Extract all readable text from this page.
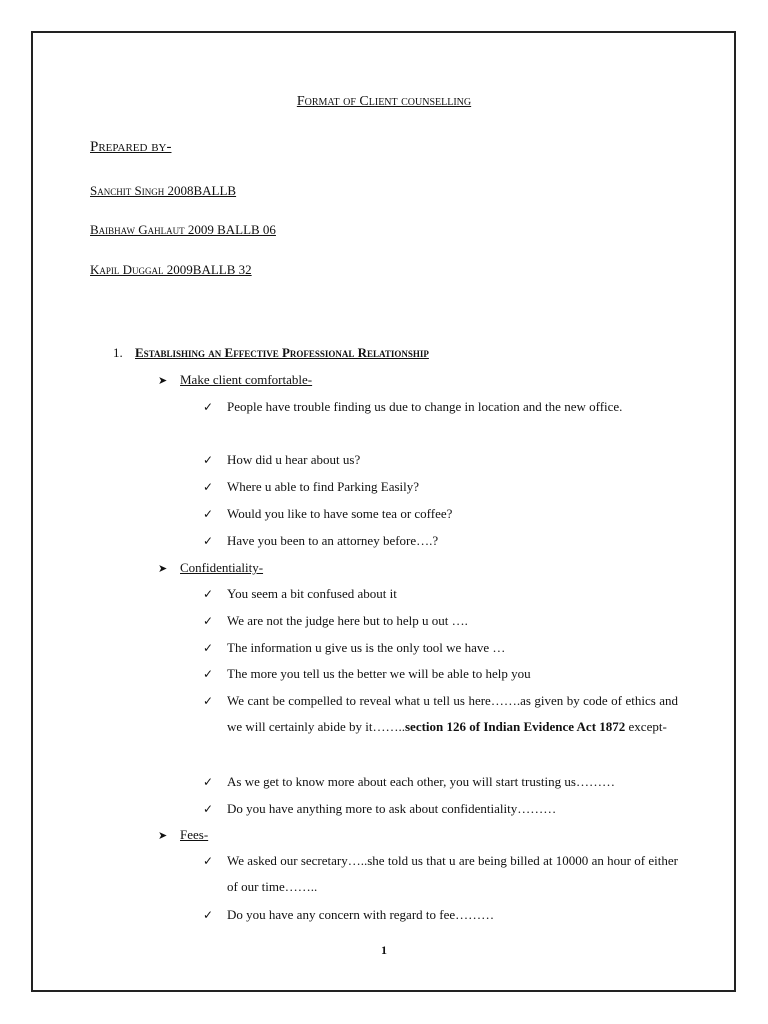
Format of Client counselling
Prepared by-
Sanchit Singh 2008BALLB
Baibhaw Gahlaut 2009 BALLB 06
Kapil Duggal 2009BALLB 32
1. Establishing an Effective Professional Relationship
➤ Make client comfortable-
✓ People have trouble finding us due to change in location and the new office.
✓ How did u hear about us?
✓ Where u able to find Parking Easily?
✓ Would you like to have some tea or coffee?
✓ Have you been to an attorney before….?
➤ Confidentiality-
✓ You seem a bit confused about it
✓ We are not the judge here but to help u out ….
✓ The information u give us is the only tool we have …
✓ The more you tell us the better we will be able to help you
✓ We cant be compelled to reveal what u tell us here…….as given by code of ethics and we will certainly abide by it……..section 126 of Indian Evidence Act 1872 except-
✓ As we get to know more about each other, you will start trusting us………
✓ Do you have anything more to ask about confidentiality………
➤ Fees-
✓ We asked our secretary…..she told us that u are being billed at 10000 an hour of either of our time……..
✓ Do you have any concern with regard to fee………
1
